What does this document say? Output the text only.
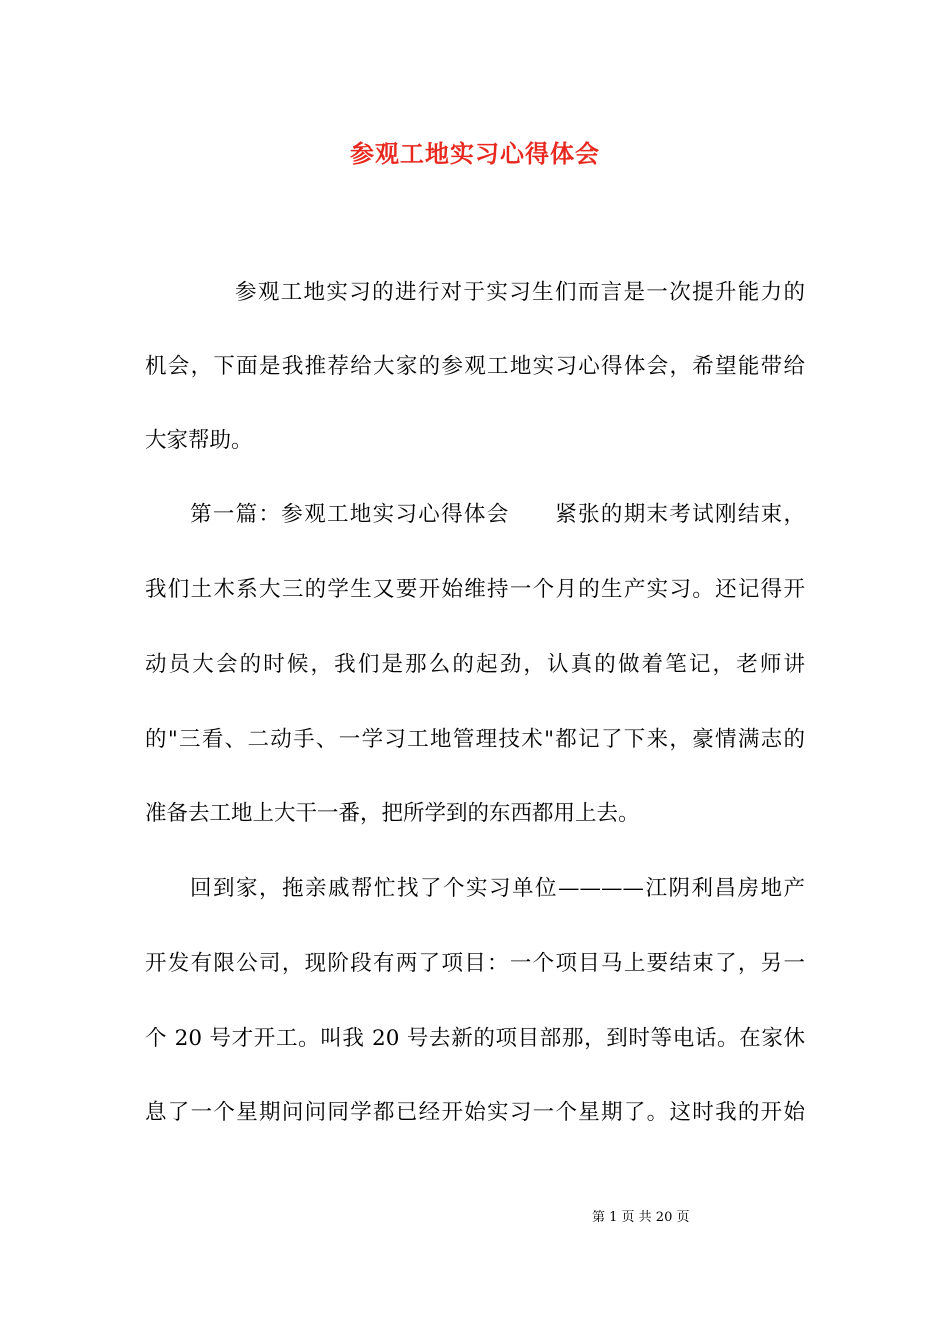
参观工地实习心得体会
参观工地实习的进行对于实习生们而言是一次提升能力的
机会，下面是我推荐给大家的参观工地实习心得体会，希望能带给
大家帮助。
第一篇：参观工地实习心得体会　　紧张的期末考试刚结束，
我们土木系大三的学生又要开始维持一个月的生产实习。还记得开
动员大会的时候，我们是那么的起劲，认真的做着笔记，老师讲
的"三看、二动手、一学习工地管理技术"都记了下来，豪情满志的
准备去工地上大干一番，把所学到的东西都用上去。
回到家，拖亲戚帮忙找了个实习单位————江阴利昌房地产
开发有限公司，现阶段有两了项目：一个项目马上要结束了，另一
个 20 号才开工。叫我 20 号去新的项目部那，到时等电话。在家休
息了一个星期问问同学都已经开始实习一个星期了。这时我的开始
第 1 页 共 20 页
